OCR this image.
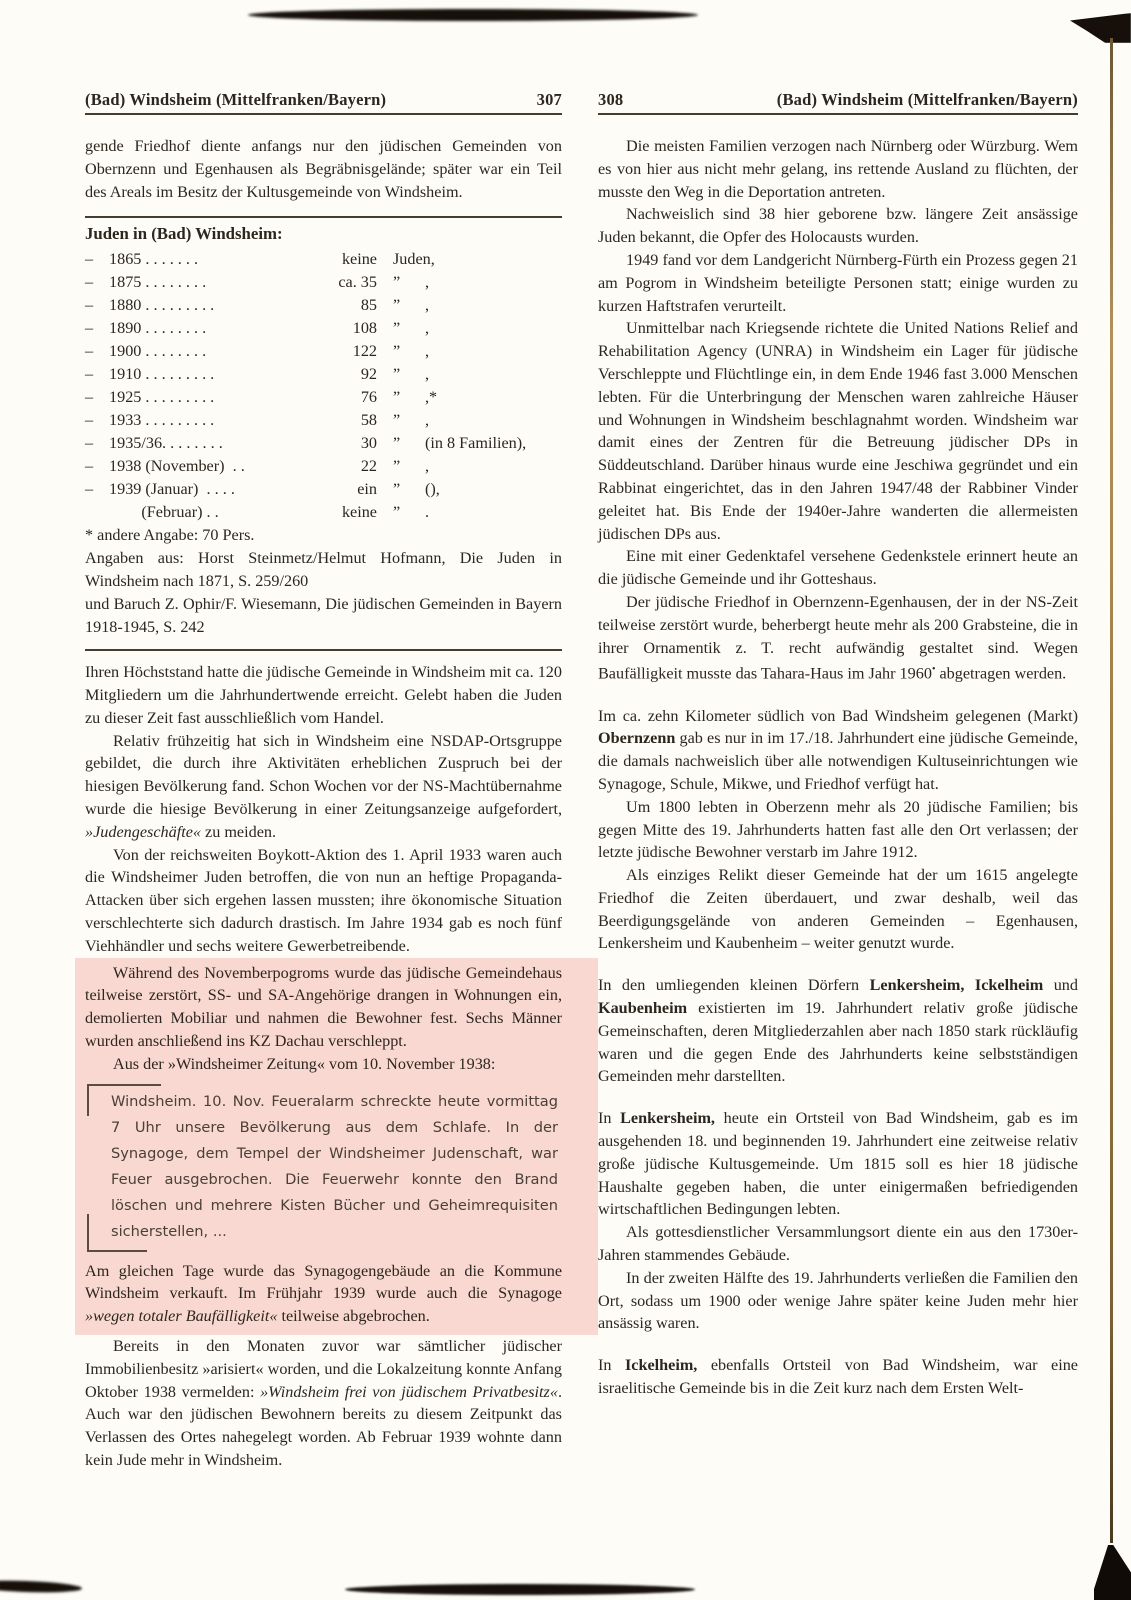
(Bad) Windsheim (Mittelfranken/Bayern)	307
gende Friedhof diente anfangs nur den jüdischen Gemeinden von Obernzenn und Egenhausen als Begräbnisgelände; später war ein Teil des Areals im Besitz der Kultusgemeinde von Windsheim.
Juden in (Bad) Windsheim:
– 1865 . . . . . . .	keine Juden,
– 1875 . . . . . . . .	ca. 35 ”	,
– 1880 . . . . . . . . .	85 ”	,
– 1890 . . . . . . . .	108 ”	,
– 1900 . . . . . . . .	122 ”	,
– 1910 . . . . . . . . .	92 ”	,
– 1925 . . . . . . . . .	76 ”	,*
– 1933 . . . . . . . . .	58 ”	,
– 1935/36. . . . . . . .	30 ”	(in 8 Familien),
– 1938 (November)  . .	22 ”	,
– 1939 (Januar)  . . . .	ein ”	(),
(Februar) . .	keine ”	.
* andere Angabe: 70 Pers.
Angaben aus: Horst Steinmetz/Helmut Hofmann, Die Juden in Windsheim nach 1871, S. 259/260
und Baruch Z. Ophir/F. Wiesemann, Die jüdischen Gemeinden in Bayern 1918-1945, S. 242
Ihren Höchststand hatte die jüdische Gemeinde in Windsheim mit ca. 120 Mitgliedern um die Jahrhundertwende erreicht. Gelebt haben die Juden zu dieser Zeit fast ausschließlich vom Handel.
Relativ frühzeitig hat sich in Windsheim eine NSDAP-Ortsgruppe gebildet, die durch ihre Aktivitäten erheblichen Zuspruch bei der hiesigen Bevölkerung fand. Schon Wochen vor der NS-Machtübernahme wurde die hiesige Bevölkerung in einer Zeitungsanzeige aufgefordert, »Judengeschäfte« zu meiden.
Von der reichsweiten Boykott-Aktion des 1. April 1933 waren auch die Windsheimer Juden betroffen, die von nun an heftige Propaganda-Attacken über sich ergehen lassen mussten; ihre ökonomische Situation verschlechterte sich dadurch drastisch. Im Jahre 1934 gab es noch fünf Viehhändler und sechs weitere Gewerbetreibende.
Während des Novemberpogroms wurde das jüdische Gemeindehaus teilweise zerstört, SS- und SA-Angehörige drangen in Wohnungen ein, demolierten Mobiliar und nahmen die Bewohner fest. Sechs Männer wurden anschließend ins KZ Dachau verschleppt.
Aus der »Windsheimer Zeitung« vom 10. November 1938:
Windsheim. 10. Nov. Feueralarm schreckte heute vormittag 7 Uhr unsere Bevölkerung aus dem Schlafe. In der Synagoge, dem Tempel der Windsheimer Judenschaft, war Feuer ausgebrochen. Die Feuerwehr konnte den Brand löschen und mehrere Kisten Bücher und Geheimrequisiten sicherstellen, ...
Am gleichen Tage wurde das Synagogengebäude an die Kommune Windsheim verkauft. Im Frühjahr 1939 wurde auch die Synagoge »wegen totaler Baufälligkeit« teilweise abgebrochen.
Bereits in den Monaten zuvor war sämtlicher jüdischer Immobilienbesitz »arisiert« worden, und die Lokalzeitung konnte Anfang Oktober 1938 vermelden: »Windsheim frei von jüdischem Privatbesitz«. Auch war den jüdischen Bewohnern bereits zu diesem Zeitpunkt das Verlassen des Ortes nahegelegt worden. Ab Februar 1939 wohnte dann kein Jude mehr in Windsheim.
308	(Bad) Windsheim (Mittelfranken/Bayern)
Die meisten Familien verzogen nach Nürnberg oder Würzburg. Wem es von hier aus nicht mehr gelang, ins rettende Ausland zu flüchten, der musste den Weg in die Deportation antreten.
Nachweislich sind 38 hier geborene bzw. längere Zeit ansässige Juden bekannt, die Opfer des Holocausts wurden.
1949 fand vor dem Landgericht Nürnberg-Fürth ein Prozess gegen 21 am Pogrom in Windsheim beteiligte Personen statt; einige wurden zu kurzen Haftstrafen verurteilt.
Unmittelbar nach Kriegsende richtete die United Nations Relief and Rehabilitation Agency (UNRA) in Windsheim ein Lager für jüdische Verschleppte und Flüchtlinge ein, in dem Ende 1946 fast 3.000 Menschen lebten. Für die Unterbringung der Menschen waren zahlreiche Häuser und Wohnungen in Windsheim beschlagnahmt worden. Windsheim war damit eines der Zentren für die Betreuung jüdischer DPs in Süddeutschland. Darüber hinaus wurde eine Jeschiwa gegründet und ein Rabbinat eingerichtet, das in den Jahren 1947/48 der Rabbiner Vinder geleitet hat. Bis Ende der 1940er-Jahre wanderten die allermeisten jüdischen DPs aus.
Eine mit einer Gedenktafel versehene Gedenkstele erinnert heute an die jüdische Gemeinde und ihr Gotteshaus.
Der jüdische Friedhof in Obernzenn-Egenhausen, der in der NS-Zeit teilweise zerstört wurde, beherbergt heute mehr als 200 Grabsteine, die in ihrer Ornamentik z. T. recht aufwändig gestaltet sind. Wegen Baufälligkeit musste das Tahara-Haus im Jahr 1960• abgetragen werden.
Im ca. zehn Kilometer südlich von Bad Windsheim gelegenen (Markt) Obernzenn gab es nur in im 17./18. Jahrhundert eine jüdische Gemeinde, die damals nachweislich über alle notwendigen Kultuseinrichtungen wie Synagoge, Schule, Mikwe, und Friedhof verfügt hat.
Um 1800 lebten in Oberzenn mehr als 20 jüdische Familien; bis gegen Mitte des 19. Jahrhunderts hatten fast alle den Ort verlassen; der letzte jüdische Bewohner verstarb im Jahre 1912.
Als einziges Relikt dieser Gemeinde hat der um 1615 angelegte Friedhof die Zeiten überdauert, und zwar deshalb, weil das Beerdigungsgelände von anderen Gemeinden – Egenhausen, Lenkersheim und Kaubenheim – weiter genutzt wurde.
In den umliegenden kleinen Dörfern Lenkersheim, Ickelheim und Kaubenheim existierten im 19. Jahrhundert relativ große jüdische Gemeinschaften, deren Mitgliederzahlen aber nach 1850 stark rückläufig waren und die gegen Ende des Jahrhunderts keine selbstständigen Gemeinden mehr darstellten.
In Lenkersheim, heute ein Ortsteil von Bad Windsheim, gab es im ausgehenden 18. und beginnenden 19. Jahrhundert eine zeitweise relativ große jüdische Kultusgemeinde. Um 1815 soll es hier 18 jüdische Haushalte gegeben haben, die unter einigermaßen befriedigenden wirtschaftlichen Bedingungen lebten.
Als gottesdienstlicher Versammlungsort diente ein aus den 1730er-Jahren stammendes Gebäude.
In der zweiten Hälfte des 19. Jahrhunderts verließen die Familien den Ort, sodass um 1900 oder wenige Jahre später keine Juden mehr hier ansässig waren.
In Ickelheim, ebenfalls Ortsteil von Bad Windsheim, war eine israelitische Gemeinde bis in die Zeit kurz nach dem Ersten Welt-
